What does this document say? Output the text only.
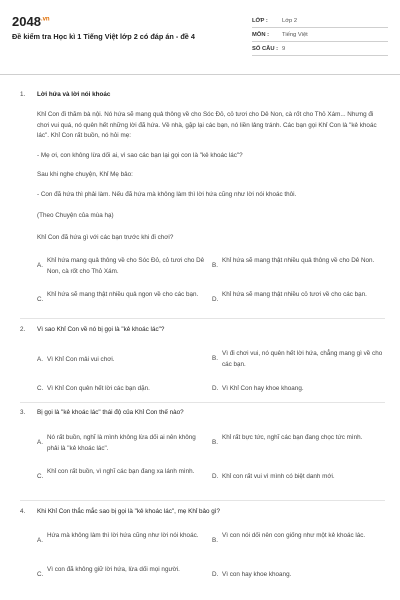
$2048^{.vn}$
Đề kiểm tra Học kì 1 Tiếng Việt lớp 2 có đáp án - đề 4
LỚP :	Lớp 2
MÔN :	Tiếng Việt
SỐ CÂU : 9
1.	Lời hứa và lời nói khoác

Khỉ Con đi thăm bà nội. Nó hứa sẽ mang quả thông về cho Sóc Đỏ, cỏ tươi cho Dê Non, cà rốt cho Thỏ Xám... Nhưng đi chơi vui quá, nó quên hết những lời đã hứa. Về nhà, gặp lại các bạn, nó liền lảng tránh. Các bạn gọi Khỉ Con là "kẻ khoác lác". Khỉ Con rất buồn, nó hỏi mẹ:

- Mẹ ơi, con không lừa dối ai, vì sao các bạn lại gọi con là "kẻ khoác lác"?

Sau khi nghe chuyện, Khỉ Mẹ bảo:

- Con đã hứa thì phải làm. Nếu đã hứa mà không làm thì lời hứa cũng như lời nói khoác thôi.

(Theo Chuyện của mùa hạ)

Khỉ Con đã hứa gì với các bạn trước khi đi chơi?

A.
Khỉ hứa mang quả thông về cho Sóc Đỏ, cỏ tươi cho Dê Non, cà rốt cho Thỏ Xám.
B.
Khỉ hứa sẽ mang thật nhiều quả thông về cho Dê Non.
C.
Khỉ hứa sẽ mang thật nhiều quả ngon về cho các bạn.
D.
Khỉ hứa sẽ mang thật nhiều cỏ tươi về cho các bạn.
2.	Vì sao Khỉ Con về nó bị gọi là "kẻ khoác lác"?
A. Vì Khỉ Con mải vui chơi.	B.
Vì đi chơi vui, nó quên hết lời hứa, chẳng mang gì về cho các bạn.
C. Vì Khỉ Con quên hết lời các bạn dặn.	D. Vì Khỉ Con hay khoe khoang.
3.	Bị gọi là "kẻ khoác lác" thái độ của Khỉ Con thế nào?
A.
Nó rất buồn, nghĩ là mình không lừa dối ai nên không phải là "kẻ khoác lác".
B.
Khỉ rất bực tức, nghĩ các bạn đang chọc tức mình.
C.
Khỉ con rất buồn, vì nghĩ các bạn đang xa lánh mình.
D. Khỉ con rất vui vì mình có biệt danh mới.
4.	Khi Khỉ Con thắc mắc sao bị gọi là "kẻ khoác lác", mẹ Khỉ bảo gì?
A.
Hứa mà không làm thì lời hứa cũng như lời nói khoác.
B.
Vì con nói dối nên con giống như một kẻ khoác lác.
C.
Vì con đã không giữ lời hứa, lừa dối mọi người.
D. Vì con hay khoe khoang.
